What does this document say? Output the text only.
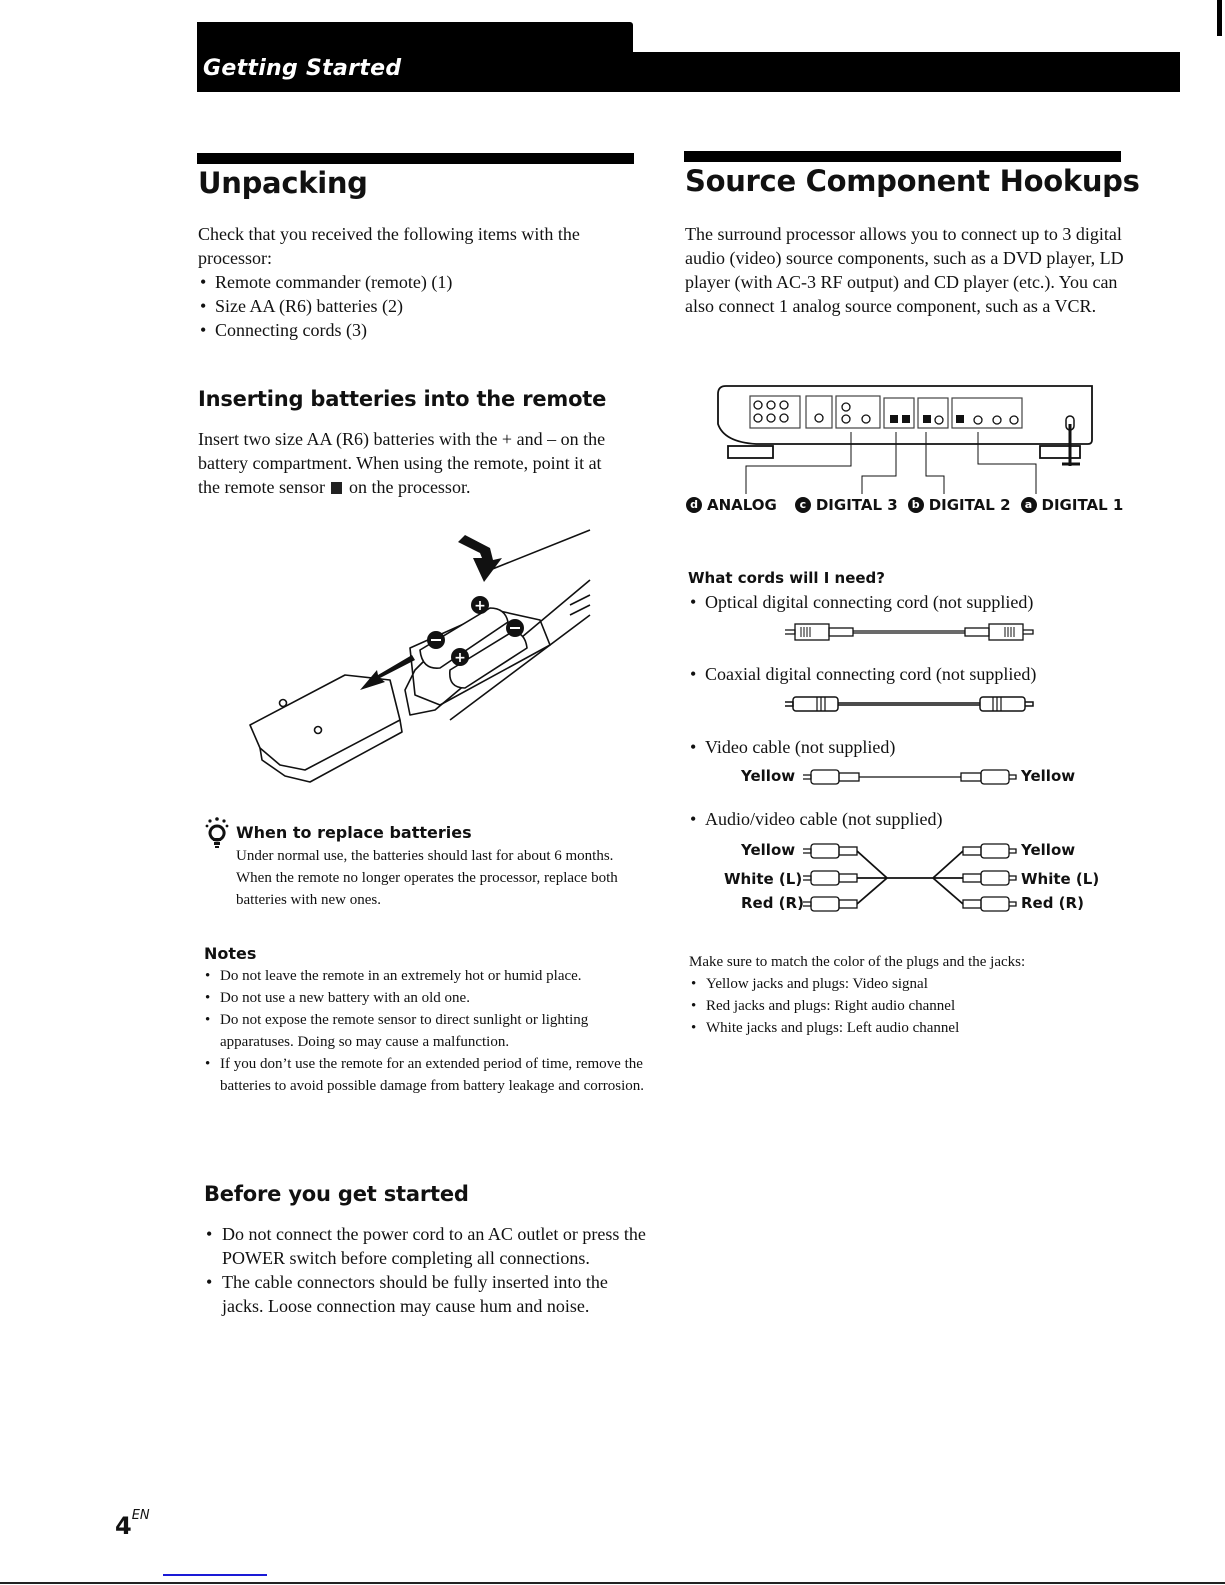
Getting Started
Unpacking
Check that you received the following items with the processor:
• Remote commander (remote) (1)
• Size AA (R6) batteries (2)
• Connecting cords (3)
Inserting batteries into the remote
Insert two size AA (R6) batteries with the + and – on the battery compartment. When using the remote, point it at the remote sensor on the processor.
+
+
When to replace batteries
Under normal use, the batteries should last for about 6 months. When the remote no longer operates the processor, replace both batteries with new ones.
Notes
• Do not leave the remote in an extremely hot or humid place.
• Do not use a new battery with an old one.
• Do not expose the remote sensor to direct sunlight or lighting apparatuses. Doing so may cause a malfunction.
• If you don’t use the remote for an extended period of time, remove the batteries to avoid possible damage from battery leakage and corrosion.
Before you get started
• Do not connect the power cord to an AC outlet or press the POWER switch before completing all connections.
• The cable connectors should be fully inserted into the jacks. Loose connection may cause hum and noise.
Source Component Hookups
The surround processor allows you to connect up to 3 digital audio (video) source components, such as a DVD player, LD player (with AC-3 RF output) and CD player (etc.). You can also connect 1 analog source component, such as a VCR.
d ANALOG	c DIGITAL 3	b DIGITAL 2	a DIGITAL 1
What cords will I need?
• Optical digital connecting cord (not supplied)
• Coaxial digital connecting cord (not supplied)
• Video cable (not supplied)
Yellow	Yellow
• Audio/video cable (not supplied)
Yellow
White (L)
Red (R)
Yellow
White (L)
Red (R)
Make sure to match the color of the plugs and the jacks:
• Yellow jacks and plugs: Video signal
• Red jacks and plugs: Right audio channel
• White jacks and plugs: Left audio channel
$4^{EN}$
